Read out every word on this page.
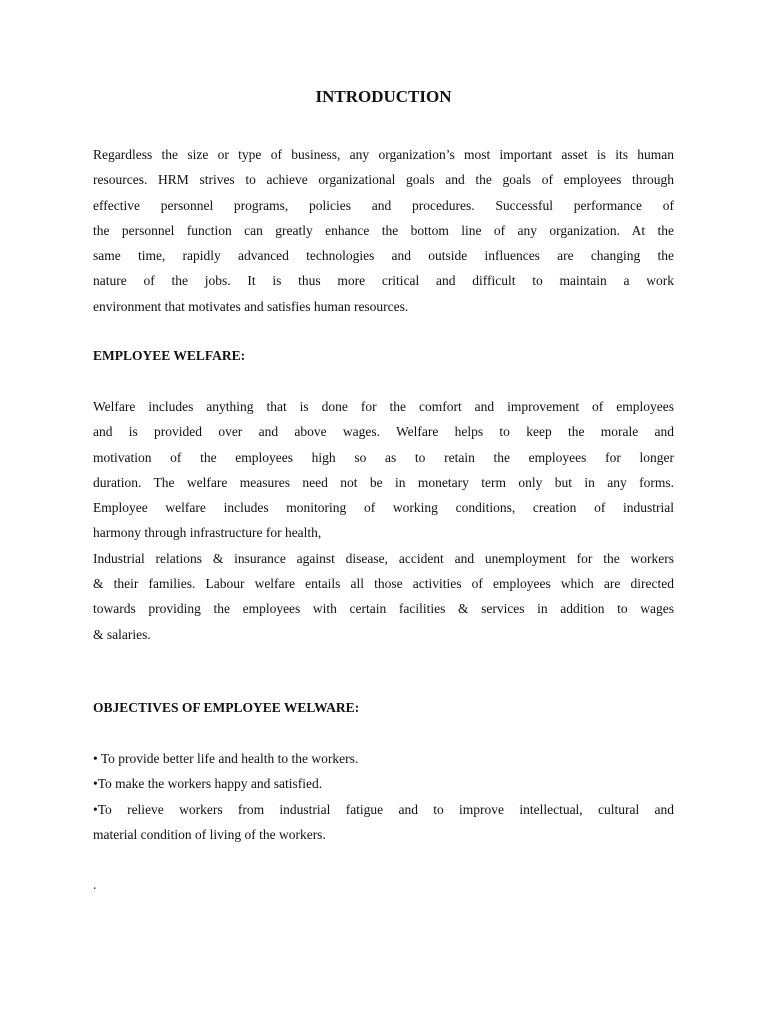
INTRODUCTION
Regardless the size or type of business, any organization’s most important asset is its human
resources. HRM strives to achieve organizational goals and the goals of employees through
effective personnel programs, policies and procedures. Successful performance of
the personnel function can greatly enhance the bottom line of any organization. At the
same time, rapidly advanced technologies and outside influences are changing the
nature of the jobs. It is thus more critical and difficult to maintain a work
environment that motivates and satisfies human resources.
EMPLOYEE WELFARE:
Welfare includes anything that is done for the comfort and improvement of employees
and is provided over and above wages. Welfare helps to keep the morale and
motivation of the employees high so as to retain the employees for longer
duration. The welfare measures need not be in monetary term only but in any forms.
Employee welfare includes monitoring of working conditions, creation of industrial
harmony through infrastructure for health,
Industrial relations & insurance against disease, accident and unemployment for the workers
& their families. Labour welfare entails all those activities of employees which are directed
towards providing the employees with certain facilities & services in addition to wages
& salaries.
OBJECTIVES OF EMPLOYEE WELWARE:
• To provide better life and health to the workers.
•To make the workers happy and satisfied.
•To relieve workers from industrial fatigue and to improve intellectual, cultural and
material condition of living of the workers.
.
